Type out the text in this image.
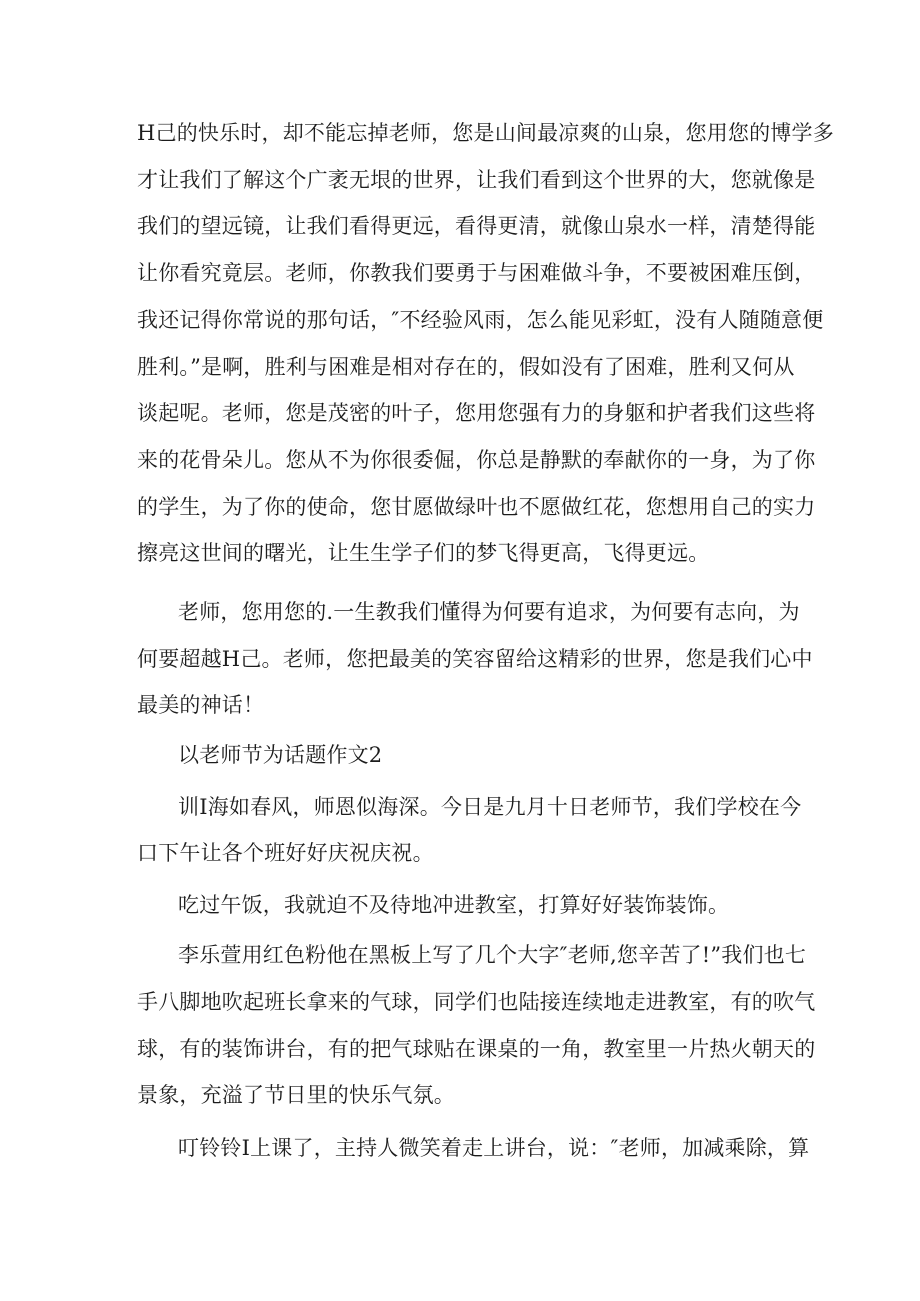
H己的快乐时，却不能忘掉老师，您是山间最凉爽的山泉，您用您的博学多
才让我们了解这个广袤无垠的世界，让我们看到这个世界的大，您就像是
我们的望远镜，让我们看得更远，看得更清，就像山泉水一样，清楚得能
让你看究竟层。老师，你教我们要勇于与困难做斗争，不要被困难压倒，
我还记得你常说的那句话，″不经验风雨，怎么能见彩虹，没有人随随意便
胜利。”是啊，胜利与困难是相对存在的，假如没有了困难，胜利又何从
谈起呢。老师，您是茂密的叶子，您用您强有力的身躯和护者我们这些将
来的花骨朵儿。您从不为你很委倔，你总是静默的奉献你的一身，为了你
的学生，为了你的使命，您甘愿做绿叶也不愿做红花，您想用自己的实力
擦亮这世间的曙光，让生生学子们的梦飞得更高，飞得更远。
老师，您用您的.一生教我们懂得为何要有追求，为何要有志向，为
何要超越H己。老师，您把最美的笑容留给这精彩的世界，您是我们心中
最美的神话！
以老师节为话题作文2
训I海如春风，师恩似海深。今日是九月十日老师节，我们学校在今
口下午让各个班好好庆祝庆祝。
吃过午饭，我就迫不及待地冲进教室，打算好好装饰装饰。
李乐萱用红色粉他在黑板上写了几个大字″老师,您辛苦了!”我们也七
手八脚地吹起班长拿来的气球，同学们也陆接连续地走进教室，有的吹气
球，有的装饰讲台，有的把气球贴在课桌的一角，教室里一片热火朝天的
景象，充溢了节日里的快乐气氛。
叮铃铃I上课了，主持人微笑着走上讲台，说：″老师，加减乘除，算
